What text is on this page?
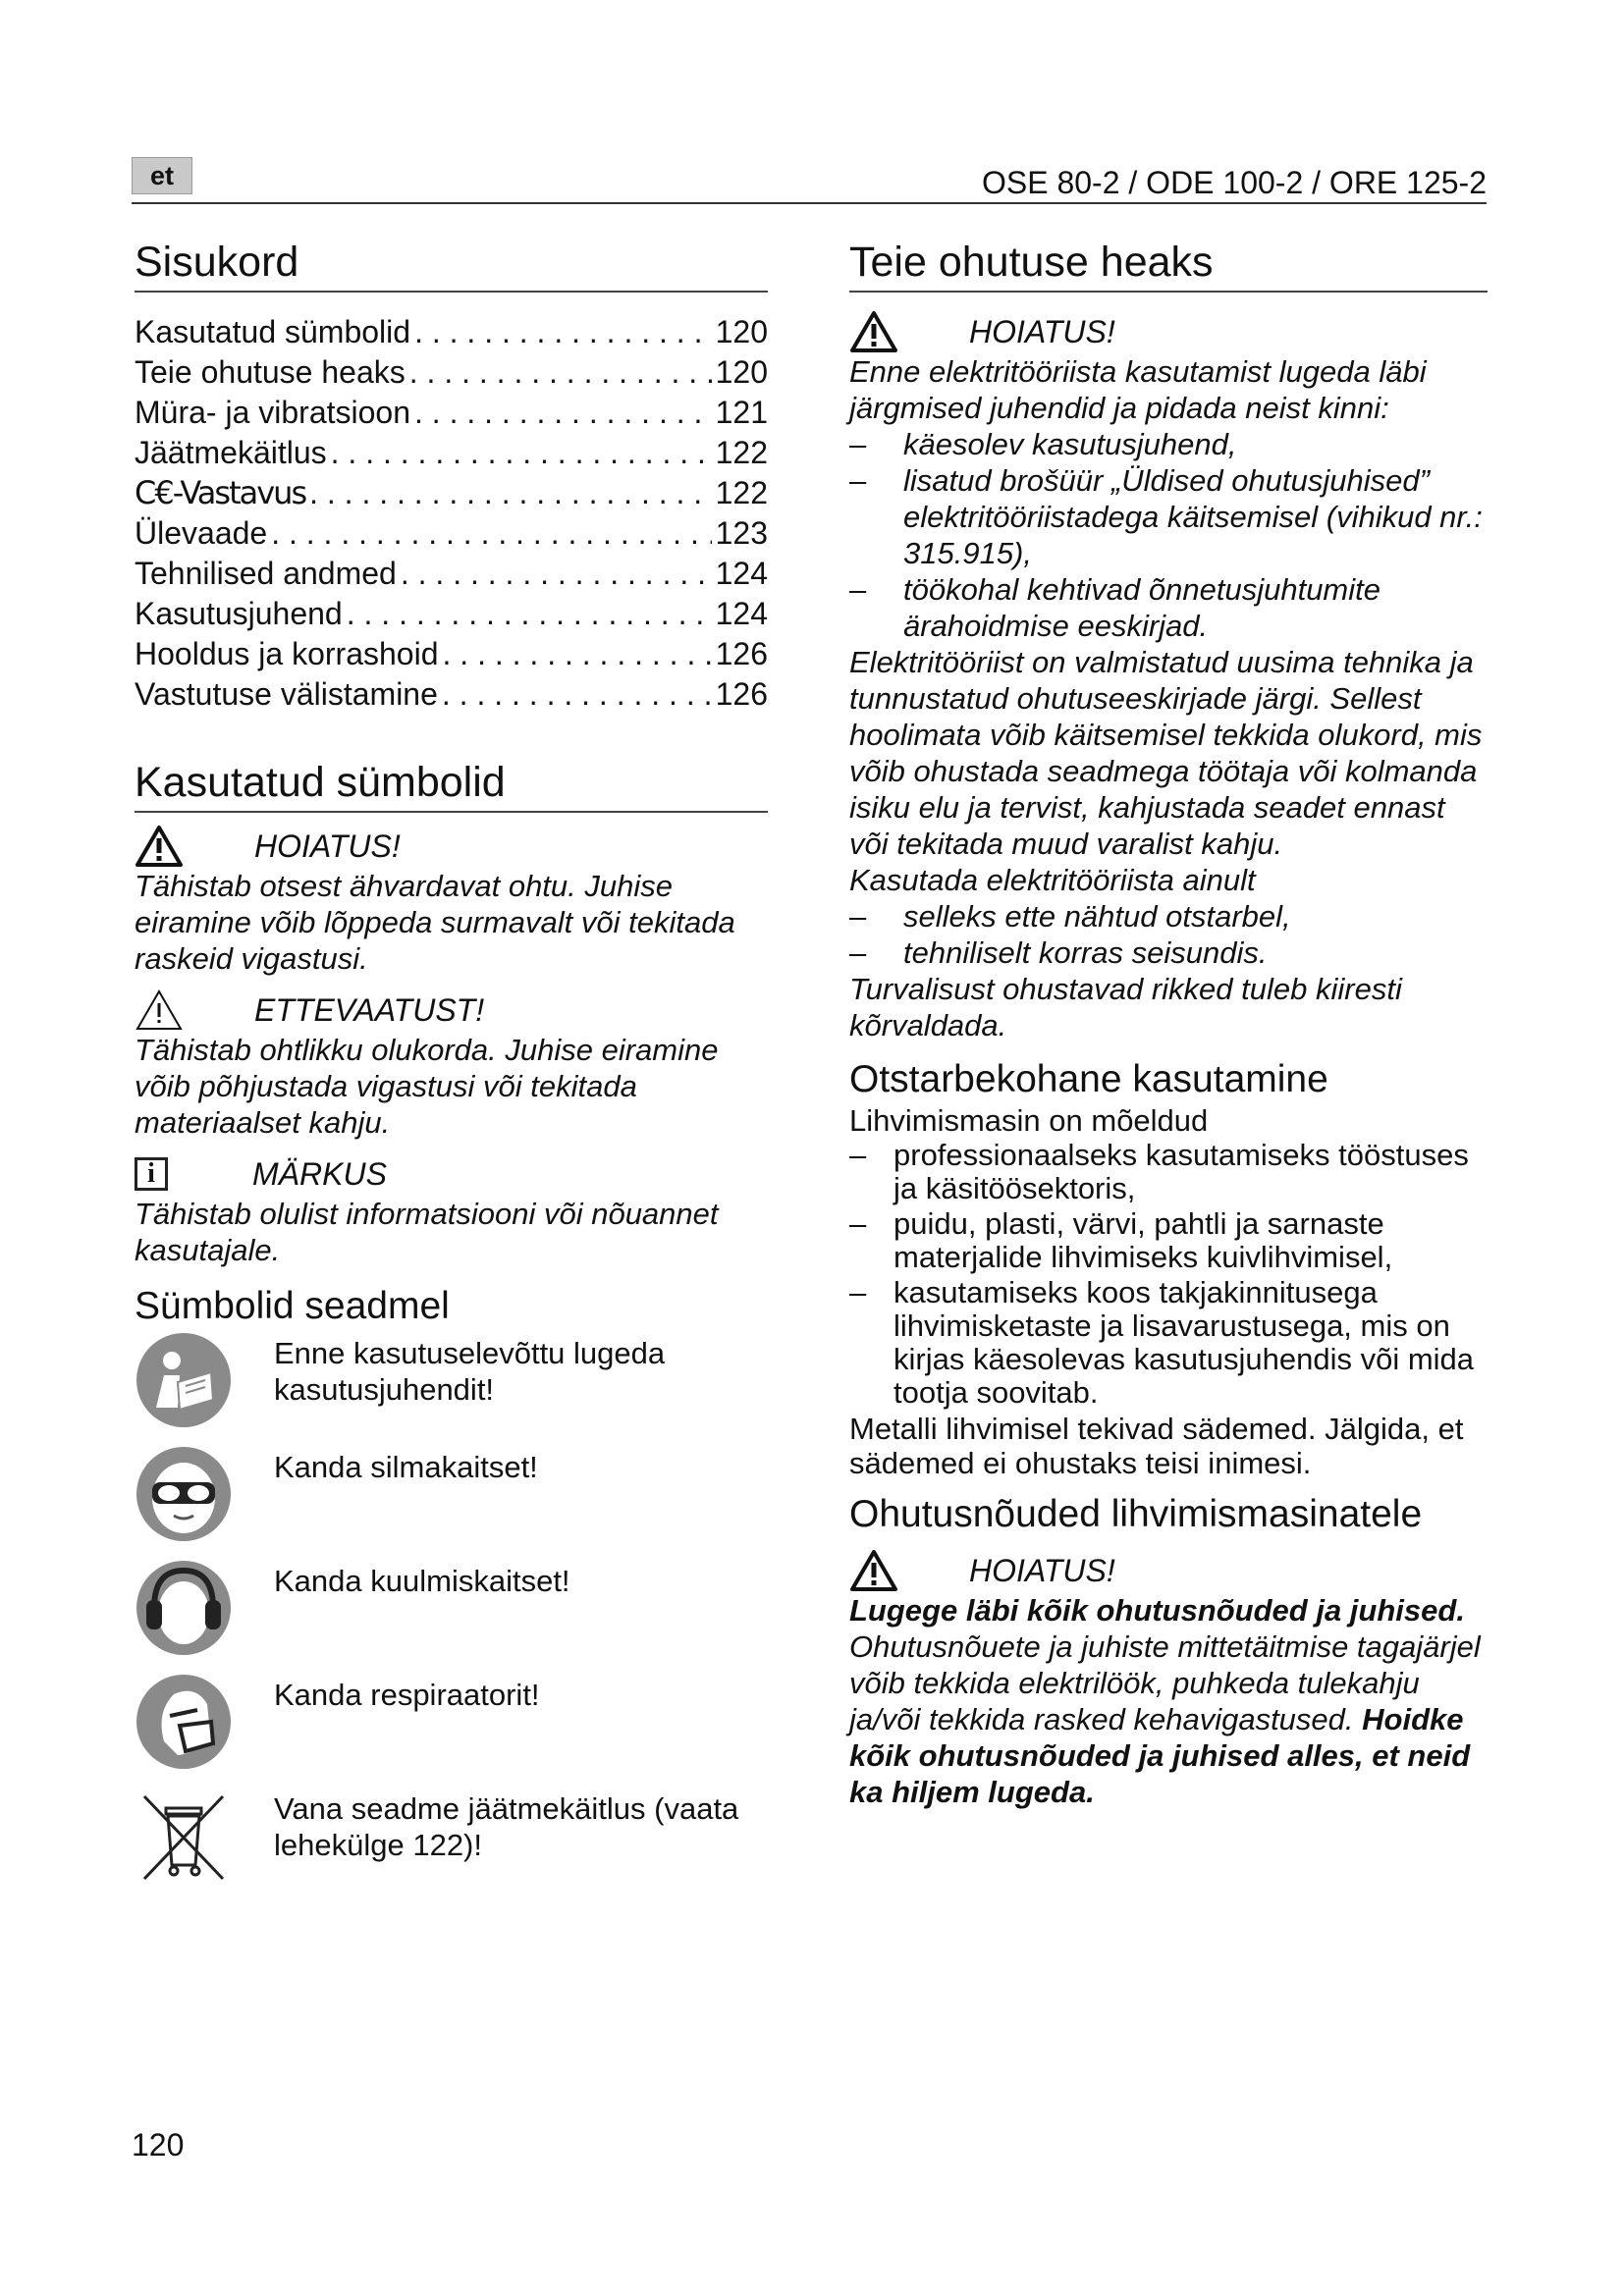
et	OSE 80-2 / ODE 100-2 / ORE 125-2
Sisukord
Kasutatud sümbolid . . .	120
Teie ohutuse heaks . . .	120
Müra- ja vibratsioon . . .	121
Jäätmekäitlus . . .	122
C€-Vastavus . . .	122
Ülevaade . . .	123
Tehnilised andmed . . .	124
Kasutusjuhend . . .	124
Hooldus ja korrashoid . . .	126
Vastutuse välistamine . . .	126
Kasutatud sümbolid
HOIATUS!

Tähistab otsest ähvardavat ohtu. Juhise eiramine võib lõppeda surmavalt või tekitada raskeid vigastusi.

ETTEVAATUST!

Tähistab ohtlikku olukorda. Juhise eiramine võib põhjustada vigastusi või tekitada materiaalset kahju.

i	MÄRKUS

Tähistab olulist informatsiooni või nõuannet kasutajale.

Sümbolid seadmel
Enne kasutuselevõttu lugeda kasutusjuhendit!
Kanda silmakaitset!
Kanda kuulmiskaitset!
Kanda respiraatorit!
Vana seadme jäätmekäitlus (vaata lehekülge 122)!
Teie ohutuse heaks
HOIATUS!

Enne elektritööriista kasutamist lugeda läbi järgmised juhendid ja pidada neist kinni:

– käesolev kasutusjuhend,
– lisatud brošüür „Üldised ohutusjuhised” elektritööriistadega käitsemisel (vihikud nr.: 315.915),
– töökohal kehtivad õnnetusjuhtumite ärahoidmise eeskirjad.

Elektritööriist on valmistatud uusima tehnika ja tunnustatud ohutuseeskirjade järgi. Sellest hoolimata võib käitsemisel tekkida olukord, mis võib ohustada seadmega töötaja või kolmanda isiku elu ja tervist, kahjustada seadet ennast või tekitada muud varalist kahju.

Kasutada elektritööriista ainult

– selleks ette nähtud otstarbel,
– tehniliselt korras seisundis.

Turvalisust ohustavad rikked tuleb kiiresti kõrvaldada.

Otstarbekohane kasutamine

Lihvimismasin on mõeldud

– professionaalseks kasutamiseks tööstuses ja käsitöösektoris,
– puidu, plasti, värvi, pahtli ja sarnaste materjalide lihvimiseks kuivlihvimisel,
– kasutamiseks koos takjakinnitusega lihvimisketaste ja lisavarustusega, mis on kirjas käesolevas kasutusjuhendis või mida tootja soovitab.

Metalli lihvimisel tekivad sädemed. Jälgida, et sädemed ei ohustaks teisi inimesi.

Ohutusnõuded lihvimismasinatele
HOIATUS!

Lugege läbi kõik ohutusnõuded ja juhised. Ohutusnõuete ja juhiste mittetäitmise tagajärjel võib tekkida elektrilöök, puhkeda tulekahju ja/või tekkida rasked kehavigastused. Hoidke kõik ohutusnõuded ja juhised alles, et neid ka hiljem lugeda.

120
